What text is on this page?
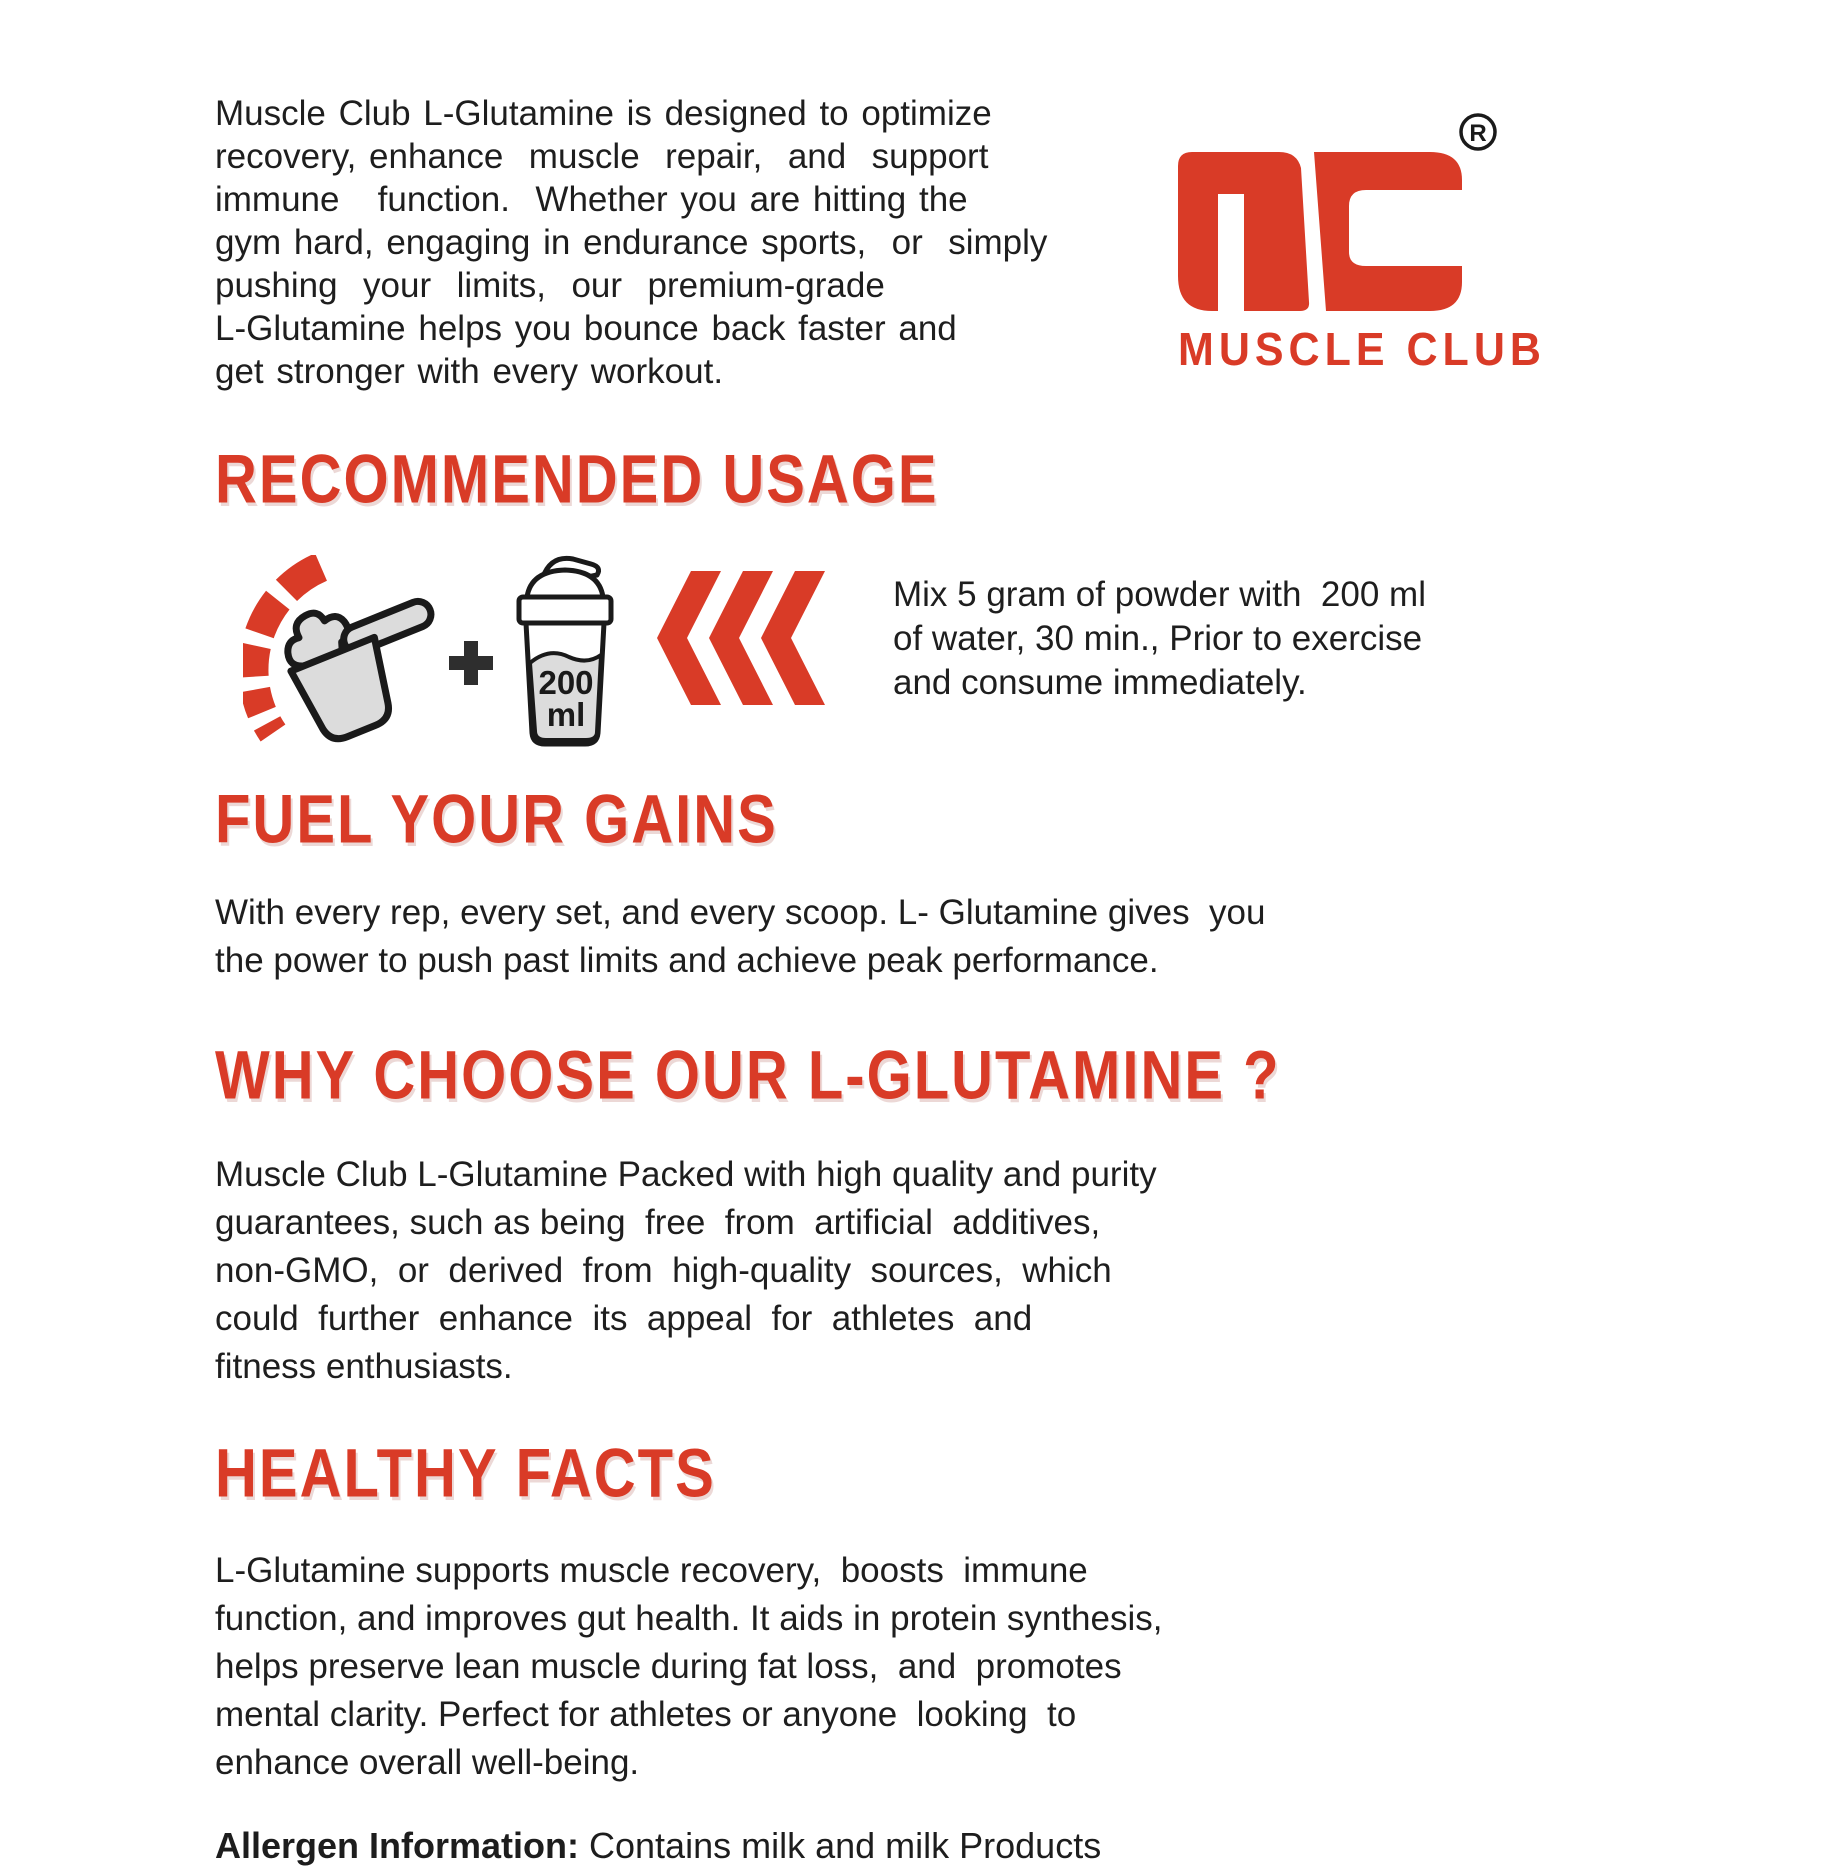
Muscle Club L-Glutamine is designed to optimize
recovery, enhance  muscle  repair,  and  support
immune   function.  Whether you are hitting the
gym hard, engaging in endurance sports,  or  simply
pushing  your  limits,  our  premium-grade
L-Glutamine helps you bounce back faster and
get stronger with every workout.
R
MUSCLE CLUB
RECOMMENDED USAGE
200
ml
Mix 5 gram of powder with  200 ml
of water, 30 min., Prior to exercise
and consume immediately.
FUEL YOUR GAINS
With every rep, every set, and every scoop. L- Glutamine gives  you
the power to push past limits and achieve peak performance.
WHY CHOOSE OUR L-GLUTAMINE ?
Muscle Club L-Glutamine Packed with high quality and purity
guarantees, such as being  free  from  artificial  additives,
non-GMO,  or  derived  from  high-quality  sources,  which
could  further  enhance  its  appeal  for  athletes  and
fitness enthusiasts.
HEALTHY FACTS
L-Glutamine supports muscle recovery,  boosts  immune
function, and improves gut health. It aids in protein synthesis,
helps preserve lean muscle during fat loss,  and  promotes
mental clarity. Perfect for athletes or anyone  looking  to
enhance overall well-being.
Allergen Information: Contains milk and milk Products
